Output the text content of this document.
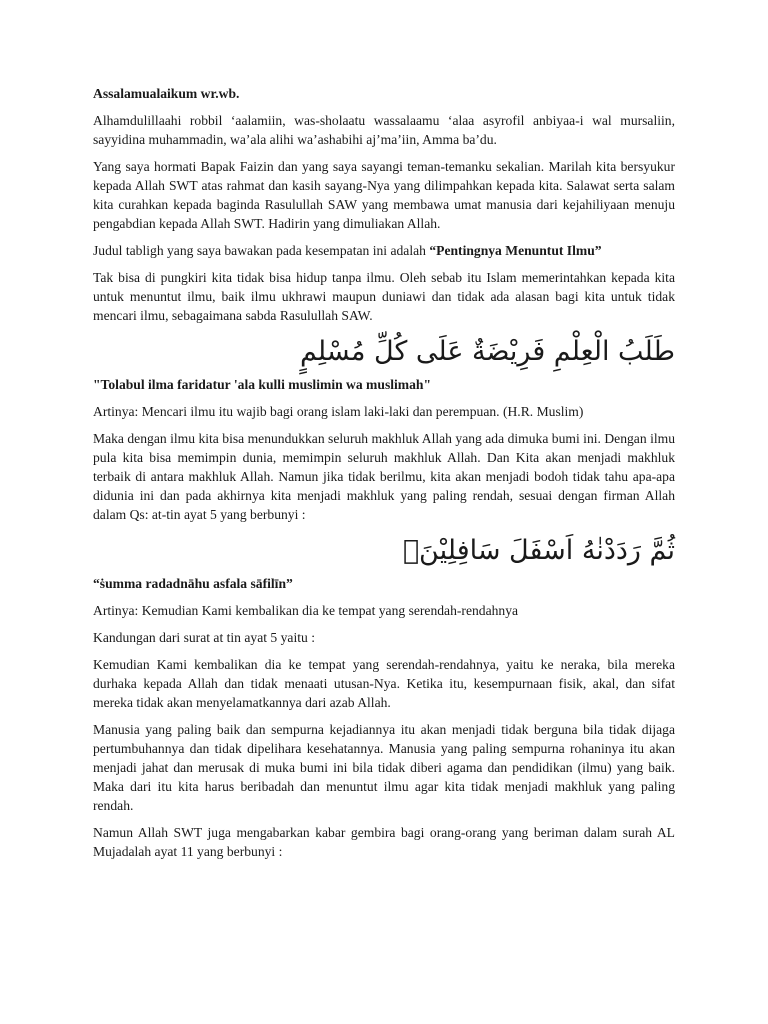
Assalamualaikum wr.wb.

Alhamdulillaahi robbil ‘aalamiin, was-sholaatu wassalaamu ‘alaa asyrofil anbiyaa-i wal mursaliin, sayyidina muhammadin, wa’ala alihi wa’ashabihi aj’ma’iin, Amma ba’du.

Yang saya hormati Bapak Faizin dan yang saya sayangi teman-temanku sekalian. Marilah kita bersyukur kepada Allah SWT atas rahmat dan kasih sayang-Nya yang dilimpahkan kepada kita. Salawat serta salam kita curahkan kepada baginda Rasulullah SAW yang membawa umat manusia dari kejahiliyaan menuju pengabdian kepada Allah SWT. Hadirin yang dimuliakan Allah.

Judul tabligh yang saya bawakan pada kesempatan ini adalah “Pentingnya Menuntut Ilmu”

Tak bisa di pungkiri kita tidak bisa hidup tanpa ilmu. Oleh sebab itu Islam memerintahkan kepada kita untuk menuntut ilmu, baik ilmu ukhrawi maupun duniawi dan tidak ada alasan bagi kita untuk tidak mencari ilmu, sebagaimana sabda Rasulullah SAW.

طَلَبُ الْعِلْمِ فَرِيْضَةٌ عَلَى كُلِّ مُسْلِمٍ

"Tolabul ilma faridatur 'ala kulli muslimin wa muslimah"

Artinya: Mencari ilmu itu wajib bagi orang islam laki-laki dan perempuan. (H.R. Muslim)

Maka dengan ilmu kita bisa menundukkan seluruh makhluk Allah yang ada dimuka bumi ini. Dengan ilmu pula kita bisa memimpin dunia, memimpin seluruh makhluk Allah. Dan Kita akan menjadi makhluk terbaik di antara makhluk Allah. Namun jika tidak berilmu, kita akan menjadi bodoh tidak tahu apa-apa didunia ini dan pada akhirnya kita menjadi makhluk yang paling rendah, sesuai dengan firman Allah dalam Qs: at-tin ayat 5 yang berbunyi :

ثُمَّ رَدَدْنٰهُ اَسْفَلَ سَافِلِيْنَۙ

“ṡumma radadnāhu asfala sāfilīn”

Artinya: Kemudian Kami kembalikan dia ke tempat yang serendah-rendahnya

Kandungan dari surat at tin ayat 5 yaitu :

Kemudian Kami kembalikan dia ke tempat yang serendah-rendahnya, yaitu ke neraka, bila mereka durhaka kepada Allah dan tidak menaati utusan-Nya. Ketika itu, kesempurnaan fisik, akal, dan sifat mereka tidak akan menyelamatkannya dari azab Allah.

Manusia yang paling baik dan sempurna kejadiannya itu akan menjadi tidak berguna bila tidak dijaga pertumbuhannya dan tidak dipelihara kesehatannya. Manusia yang paling sempurna rohaninya itu akan menjadi jahat dan merusak di muka bumi ini bila tidak diberi agama dan pendidikan (ilmu) yang baik. Maka dari itu kita harus beribadah dan menuntut ilmu agar kita tidak menjadi makhluk yang paling rendah.

Namun Allah SWT juga mengabarkan kabar gembira bagi orang-orang yang beriman dalam surah AL Mujadalah ayat 11 yang berbunyi :
